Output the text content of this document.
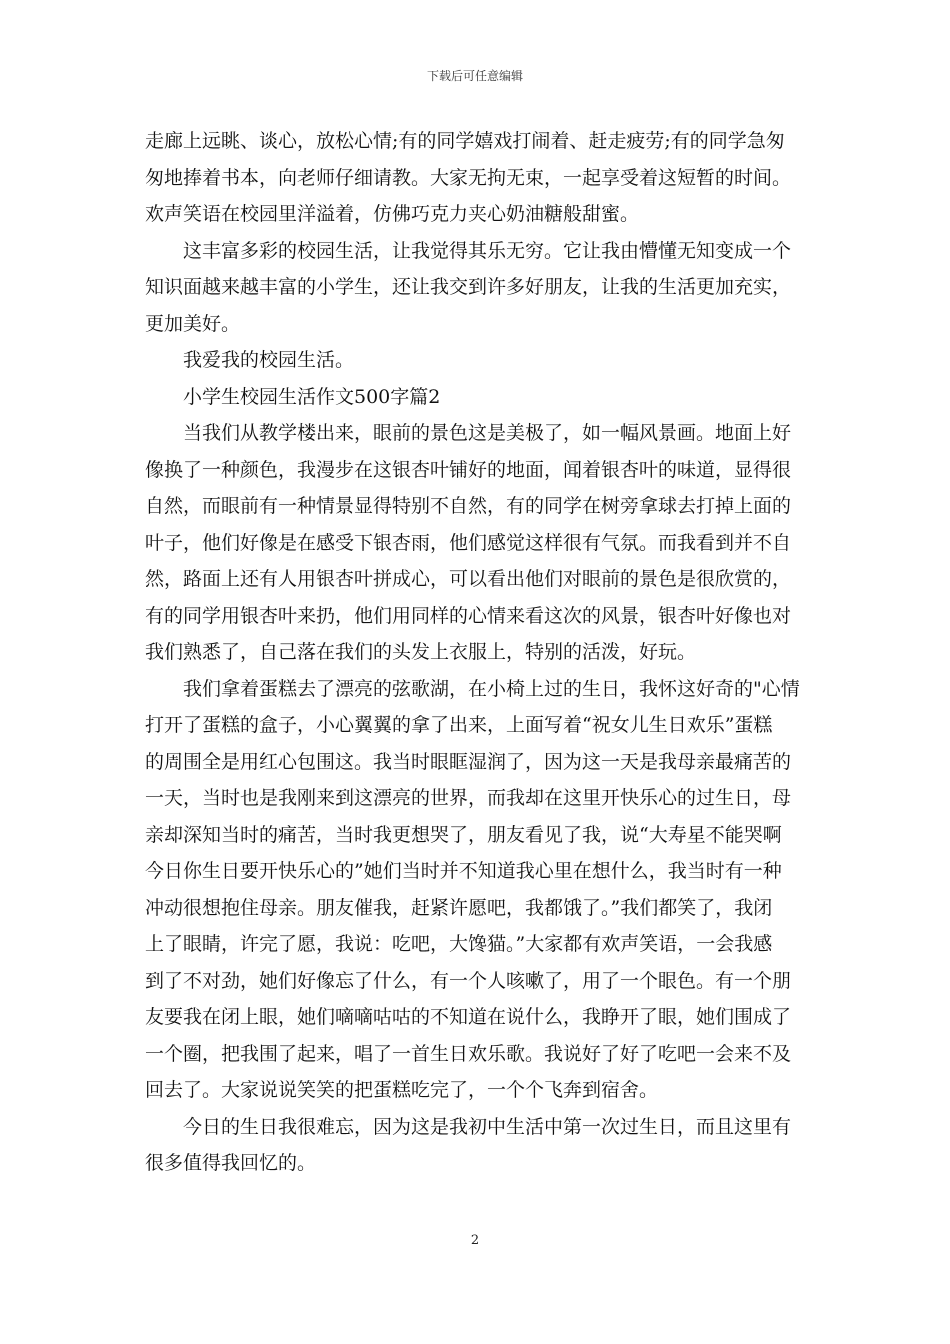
下载后可任意编辑
走廊上远眺、谈心，放松心情;有的同学嬉戏打闹着、赶走疲劳;有的同学急匆
匆地捧着书本，向老师仔细请教。大家无拘无束，一起享受着这短暂的时间。
欢声笑语在校园里洋溢着，仿佛巧克力夹心奶油糖般甜蜜。
这丰富多彩的校园生活，让我觉得其乐无穷。它让我由懵懂无知变成一个
知识面越来越丰富的小学生，还让我交到许多好朋友，让我的生活更加充实，
更加美好。
我爱我的校园生活。
小学生校园生活作文500字篇2
当我们从教学楼出来，眼前的景色这是美极了，如一幅风景画。地面上好
像换了一种颜色，我漫步在这银杏叶铺好的地面，闻着银杏叶的味道，显得很
自然，而眼前有一种情景显得特别不自然，有的同学在树旁拿球去打掉上面的
叶子，他们好像是在感受下银杏雨，他们感觉这样很有气氛。而我看到并不自
然，路面上还有人用银杏叶拼成心，可以看出他们对眼前的景色是很欣赏的，
有的同学用银杏叶来扔，他们用同样的心情来看这次的风景，银杏叶好像也对
我们熟悉了，自己落在我们的头发上衣服上，特别的活泼，好玩。
我们拿着蛋糕去了漂亮的弦歌湖，在小椅上过的生日，我怀这好奇的"心情
打开了蛋糕的盒子，小心翼翼的拿了出来，上面写着“祝女儿生日欢乐”蛋糕
的周围全是用红心包围这。我当时眼眶湿润了，因为这一天是我母亲最痛苦的
一天，当时也是我刚来到这漂亮的世界，而我却在这里开快乐心的过生日，母
亲却深知当时的痛苦，当时我更想哭了，朋友看见了我，说“大寿星不能哭啊
今日你生日要开快乐心的”她们当时并不知道我心里在想什么，我当时有一种
冲动很想抱住母亲。朋友催我，赶紧许愿吧，我都饿了。”我们都笑了，我闭
上了眼睛，许完了愿，我说：吃吧，大馋猫。”大家都有欢声笑语，一会我感
到了不对劲，她们好像忘了什么，有一个人咳嗽了，用了一个眼色。有一个朋
友要我在闭上眼，她们嘀嘀咕咕的不知道在说什么，我睁开了眼，她们围成了
一个圈，把我围了起来，唱了一首生日欢乐歌。我说好了好了吃吧一会来不及
回去了。大家说说笑笑的把蛋糕吃完了，一个个飞奔到宿舍。
今日的生日我很难忘，因为这是我初中生活中第一次过生日，而且这里有
很多值得我回忆的。
2
